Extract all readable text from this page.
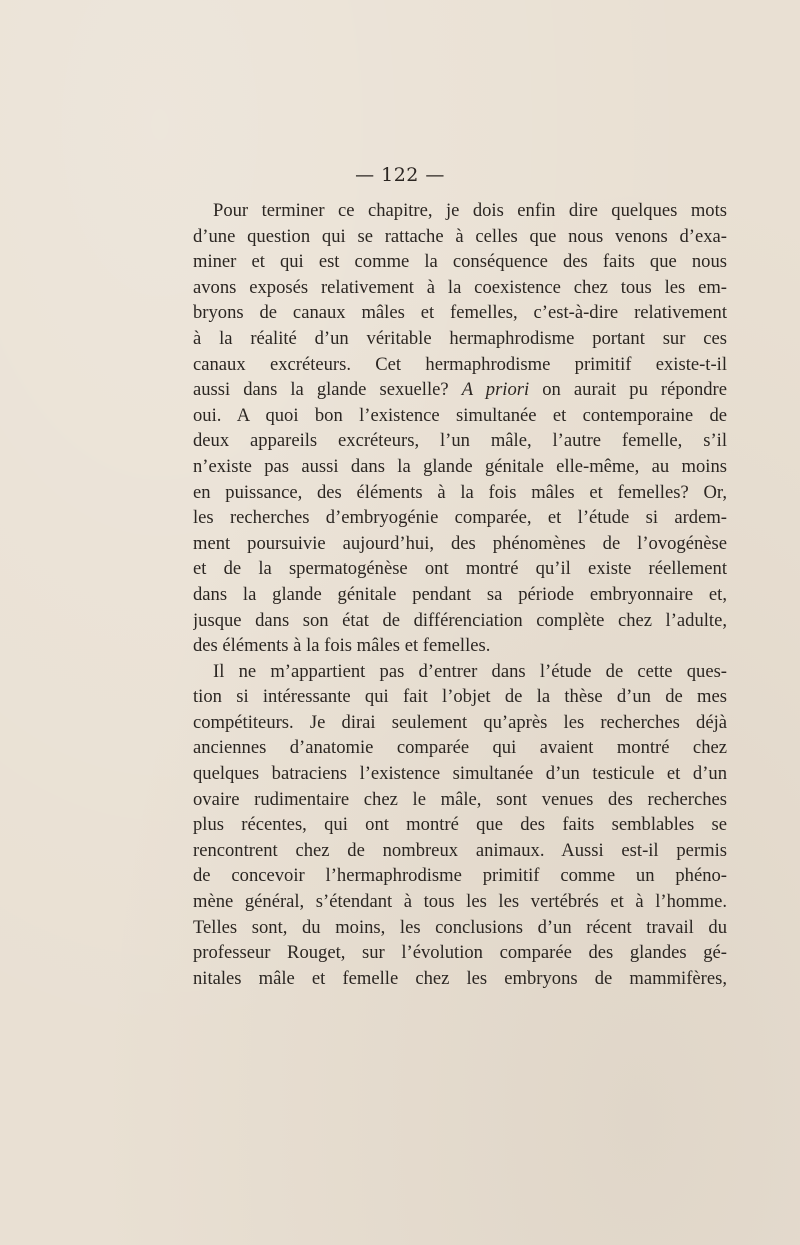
— 122 —
Pour terminer ce chapitre, je dois enfin dire quelques mots
d’une question qui se rattache à celles que nous venons d’exa-
miner et qui est comme la conséquence des faits que nous
avons exposés relativement à la coexistence chez tous les em-
bryons de canaux mâles et femelles, c’est-à-dire relativement
à la réalité d’un véritable hermaphrodisme portant sur ces
canaux excréteurs. Cet hermaphrodisme primitif existe-t-il
aussi dans la glande sexuelle? A priori on aurait pu répondre
oui. A quoi bon l’existence simultanée et contemporaine de
deux appareils excréteurs, l’un mâle, l’autre femelle, s’il
n’existe pas aussi dans la glande génitale elle-même, au moins
en puissance, des éléments à la fois mâles et femelles? Or,
les recherches d’embryogénie comparée, et l’étude si ardem-
ment poursuivie aujourd’hui, des phénomènes de l’ovogénèse
et de la spermatogénèse ont montré qu’il existe réellement
dans la glande génitale pendant sa période embryonnaire et,
jusque dans son état de différenciation complète chez l’adulte,
des éléments à la fois mâles et femelles.
Il ne m’appartient pas d’entrer dans l’étude de cette ques-
tion si intéressante qui fait l’objet de la thèse d’un de mes
compétiteurs. Je dirai seulement qu’après les recherches déjà
anciennes d’anatomie comparée qui avaient montré chez
quelques batraciens l’existence simultanée d’un testicule et d’un
ovaire rudimentaire chez le mâle, sont venues des recherches
plus récentes, qui ont montré que des faits semblables se
rencontrent chez de nombreux animaux. Aussi est-il permis
de concevoir l’hermaphrodisme primitif comme un phéno-
mène général, s’étendant à tous les les vertébrés et à l’homme.
Telles sont, du moins, les conclusions d’un récent travail du
professeur Rouget, sur l’évolution comparée des glandes gé-
nitales mâle et femelle chez les embryons de mammifères,
